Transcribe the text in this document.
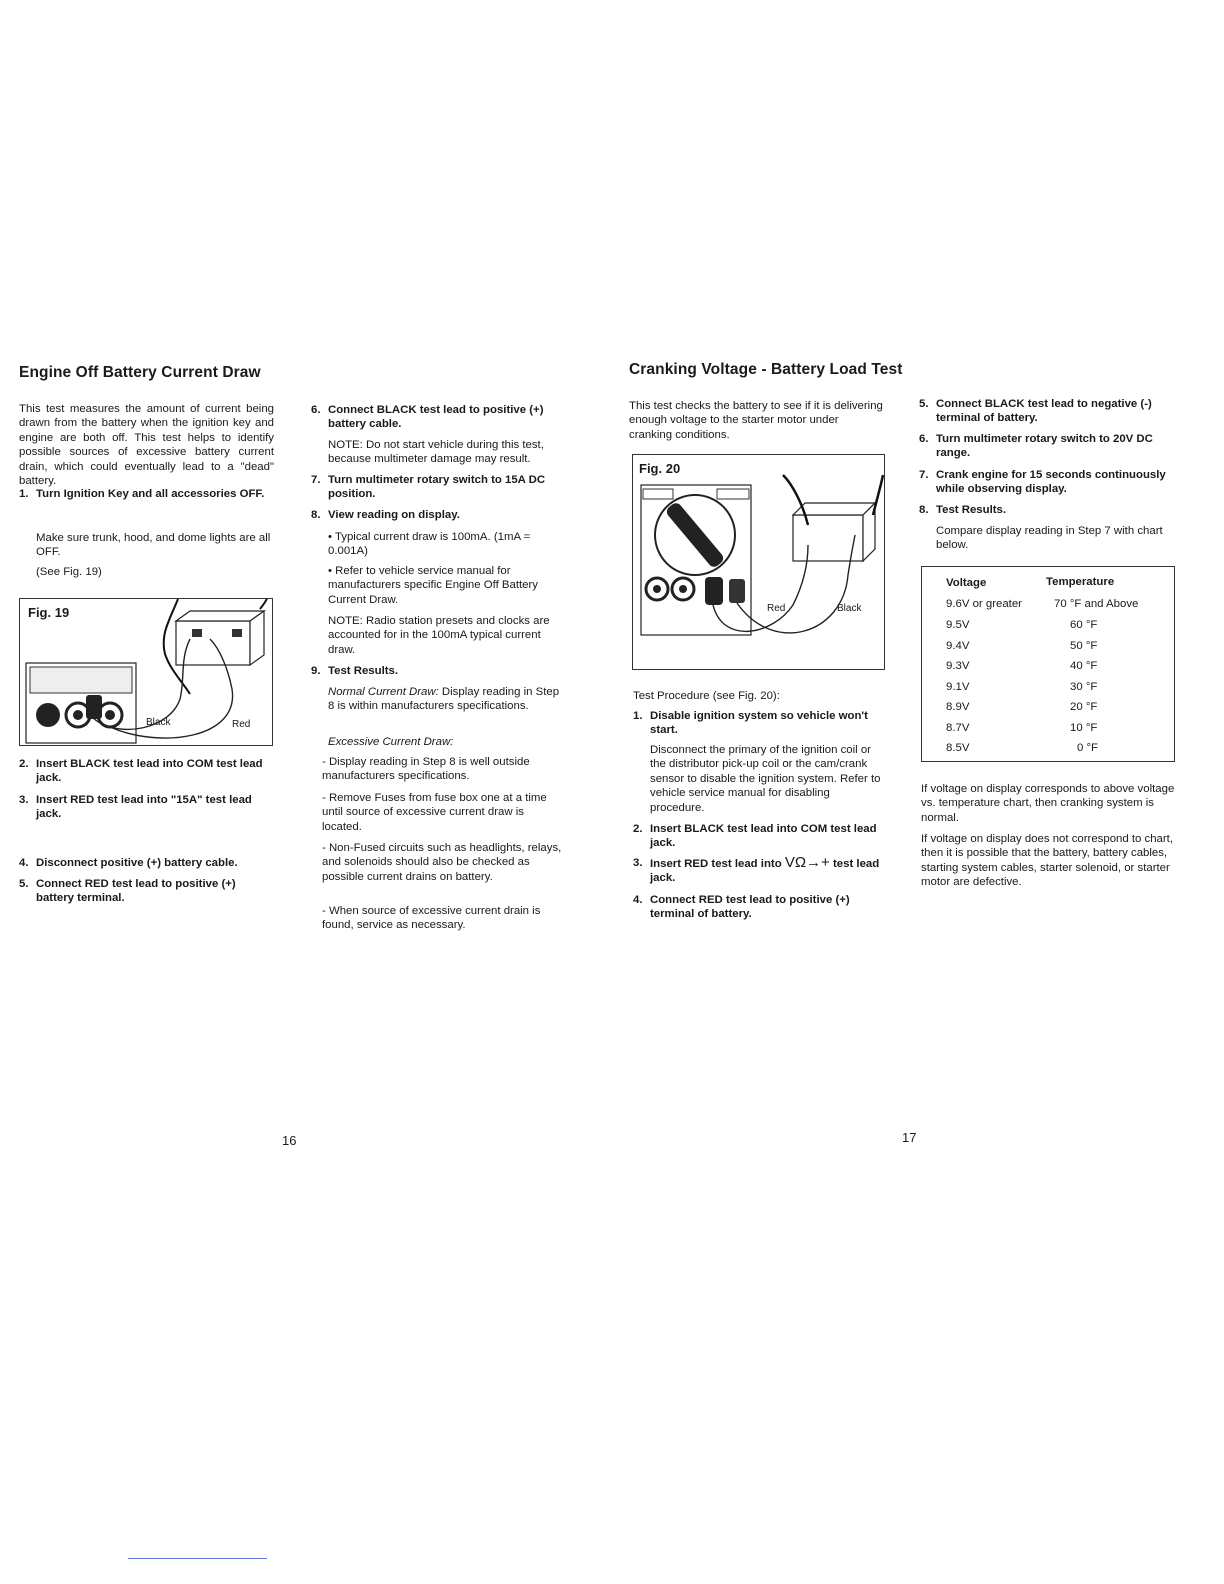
Engine Off Battery Current Draw

This test measures the amount of current being drawn from the battery when the ignition key and engine are both off. This test helps to identify possible sources of excessive battery current drain, which could eventually lead to a "dead" battery.

1. Turn Ignition Key and all accessories OFF.

Make sure trunk, hood, and dome lights are all OFF.

(See Fig. 19)

Fig. 19
Black	Red
2. Insert BLACK test lead into COM test lead jack.
3. Insert RED test lead into "15A" test lead jack.
4. Disconnect positive (+) battery cable.
5. Connect RED test lead to positive (+) battery terminal.
6. Connect BLACK test lead to positive (+) battery cable.

NOTE: Do not start vehicle during this test, because multimeter damage may result.

7. Turn multimeter rotary switch to 15A DC position.
8. View reading on display.

• Typical current draw is 100mA. (1mA = 0.001A)

• Refer to vehicle service manual for manufacturers specific Engine Off Battery Current Draw.

NOTE: Radio station presets and clocks are accounted for in the 100mA typical current draw.

9. Test Results.

Normal Current Draw: Display reading in Step 8 is within manufacturers specifications.

Excessive Current Draw:

- Display reading in Step 8 is well outside manufacturers specifications.

- Remove Fuses from fuse box one at a time until source of excessive current draw is located.

- Non-Fused circuits such as headlights, relays, and solenoids should also be checked as possible current drains on battery.

- When source of excessive current drain is found, service as necessary.

16
Cranking Voltage - Battery Load Test

This test checks the battery to see if it is delivering enough voltage to the starter motor under cranking conditions.

Fig. 20
Red	Black

Test Procedure (see Fig. 20):

1. Disable ignition system so vehicle won't start.

Disconnect the primary of the ignition coil or the distributor pick-up coil or the cam/crank sensor to disable the ignition system. Refer to vehicle service manual for disabling procedure.

2. Insert BLACK test lead into COM test lead jack.
3. Insert RED test lead into VΩ→+ test lead jack.
4. Connect RED test lead to positive (+) terminal of battery.
5. Connect BLACK test lead to negative (-) terminal of battery.
6. Turn multimeter rotary switch to 20V DC range.
7. Crank engine for 15 seconds continuously while observing display.
8. Test Results.

Compare display reading in Step 7 with chart below.

Voltage	Temperature
9.6V or greater	70 °F and Above
9.5V	60 °F
9.4V	50 °F
9.3V	40 °F
9.1V	30 °F
8.9V	20 °F
8.7V	10 °F
8.5V	0 °F

If voltage on display corresponds to above voltage vs. temperature chart, then cranking system is normal.

If voltage on display does not correspond to chart, then it is possible that the battery, battery cables, starting system cables, starter solenoid, or starter motor are defective.

17
